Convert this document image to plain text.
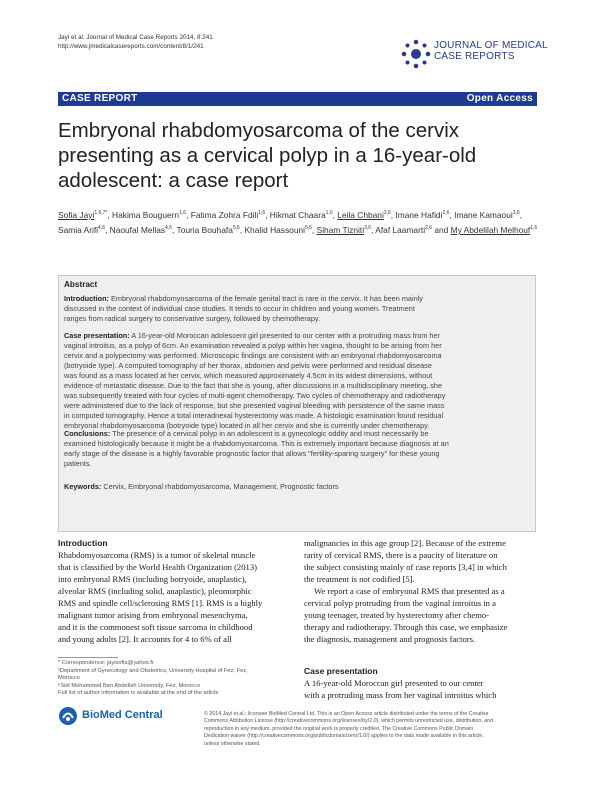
Jayi et al. Journal of Medical Case Reports 2014, 8:241
http://www.jmedicalcasereports.com/content/8/1/241	JOURNAL OF MEDICAL CASE REPORTS
CASE REPORT	Open Access
Embryonal rhabdomyosarcoma of the cervix
presenting as a cervical polyp in a 16-year-old
adolescent: a case report
Sofia Jayi$^{1,6,7*}$, Hakima Bouguern$^{1,6}$, Fatima Zohra Fdili$^{1,6}$, Hikmat Chaara$^{1,6}$, Leila Chbani$^{2,6}$, Imane Hafidi$^{2,6}$, Imane Kamaoui$^{3,6}$, Samia Arifi$^{4,6}$, Naoufal Mellas$^{4,6}$, Touria Bouhafa$^{5,6}$, Khalid Hassouni$^{5,6}$, Siham Tizniti$^{3,6}$, Afaf Laamarti$^{2,6}$ and My Abdelilah Melhouf$^{1,6}$
Abstract
Introduction: Embryonal rhabdomyosarcoma of the female genital tract is rare in the cervix. It has been mainly
discussed in the context of individual case studies. It tends to occur in children and young women. Treatment
ranges from radical surgery to conservative surgery, followed by chemotherapy.
Case presentation: A 16-year-old Moroccan adolescent girl presented to our center with a protruding mass from her
vaginal introitus, as a polyp of 6cm. An examination revealed a polyp within her vagina, thought to be arising from her
cervix and a polypectomy was performed. Microscopic findings are consistent with an embryonal rhabdomyosarcoma
(botryoide type). A computed tomography of her thorax, abdomen and pelvis were performed and residual disease
was found as a mass located at her cervix, which measured approximately 4.5cm in its widest dimensions, without
evidence of metastatic disease. Due to the fact that she is young, after discussions in a multidisciplinary meeting, she
was subsequently treated with four cycles of multi-agent chemotherapy. Two cycles of chemotherapy and radiotherapy
were administered due to the lack of response, but she presented vaginal bleeding with persistence of the same mass
in computed tomography. Hence a total interadnexal hysterectomy was made. A histologic examination found residual
embryonal rhabdomyosarcoma (botryoide type) located in all her cervix and she is currently under chemotherapy.
Conclusions: The presence of a cervical polyp in an adolescent is a gynecologic oddity and must necessarily be
examined histologically because it might be a rhabdomyosarcoma. This is extremely important because diagnosis at an
early stage of the disease is a highly favorable prognostic factor that allows "fertility-sparing surgery" for these young
patients.
Keywords: Cervix, Embryonal rhabdomyosarcoma, Management, Prognostic factors
Introduction
Rhabdomyosarcoma (RMS) is a tumor of skeletal muscle
that is classified by the World Health Organization (2013)
into embryonal RMS (including botryoide, anaplastic),
alveolar RMS (including solid, anaplastic), pleomorphic
RMS and spindle cell/sclerosing RMS [1]. RMS is a highly
malignant tumor arising from embryonal mesenchyma,
and it is the commonest soft tissue sarcoma in childhood
and young adults [2]. It accounts for 4 to 6% of all
malignancies in this age group [2]. Because of the extreme
rarity of cervical RMS, there is a paucity of literature on
the subject consisting mainly of case reports [3,4] in which
the treatment is not codified [5].
We report a case of embryonal RMS that presented as a
cervical polyp protruding from the vaginal introitus in a
young teenager, treated by hysterectomy after chemo-
therapy and radiotherapy. Through this case, we emphasize
the diagnosis, management and prognosis factors.
Case presentation
A 16-year-old Moroccan girl presented to our center
with a protruding mass from her vaginal introitus which
* Correspondence: jayisofia@yahoo.fr
¹Department of Gynecology and Obstetrics, University Hospital of Fez, Fez,
Morocco
⁶Sidi Mohammed Ben Abdellah University, Fez, Morocco
Full list of author information is available at the end of the article
BioMed Central	© 2014 Jayi et al.; licensee BioMed Central Ltd. This is an Open Access article distributed under the terms of the Creative
Commons Attribution License (http://creativecommons.org/licenses/by/2.0), which permits unrestricted use, distribution, and
reproduction in any medium, provided the original work is properly credited. The Creative Commons Public Domain
Dedication waiver (http://creativecommons.org/publicdomain/zero/1.0/) applies to the data made available in this article,
unless otherwise stated.
